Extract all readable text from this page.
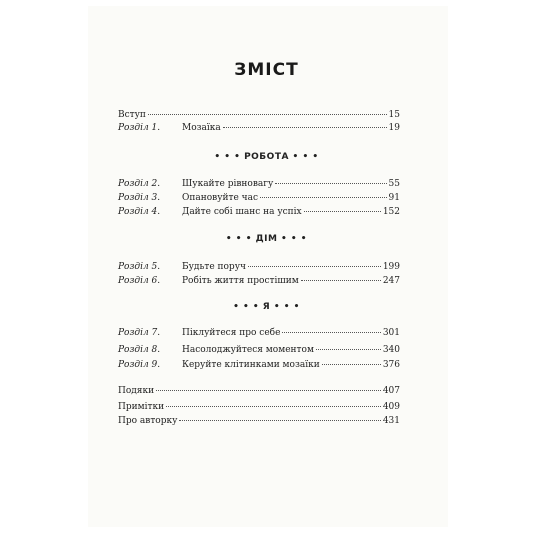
ЗМІСТ
Вступ	15
Розділ 1.	Мозаїка	19
• • • РОБОТА • • •
Розділ 2.	Шукайте рівновагу	55
Розділ 3.	Опановуйте час	91
Розділ 4.	Дайте собі шанс на успіх	152
• • • ДІМ • • •
Розділ 5.	Будьте поруч	199
Розділ 6.	Робіть життя простішим	247
• • • Я • • •
Розділ 7.	Піклуйтеся про себе	301
Розділ 8.	Насолоджуйтеся моментом	340
Розділ 9.	Керуйте клітинками мозаїки	376
Подяки	407
Примітки	409
Про авторку	431
